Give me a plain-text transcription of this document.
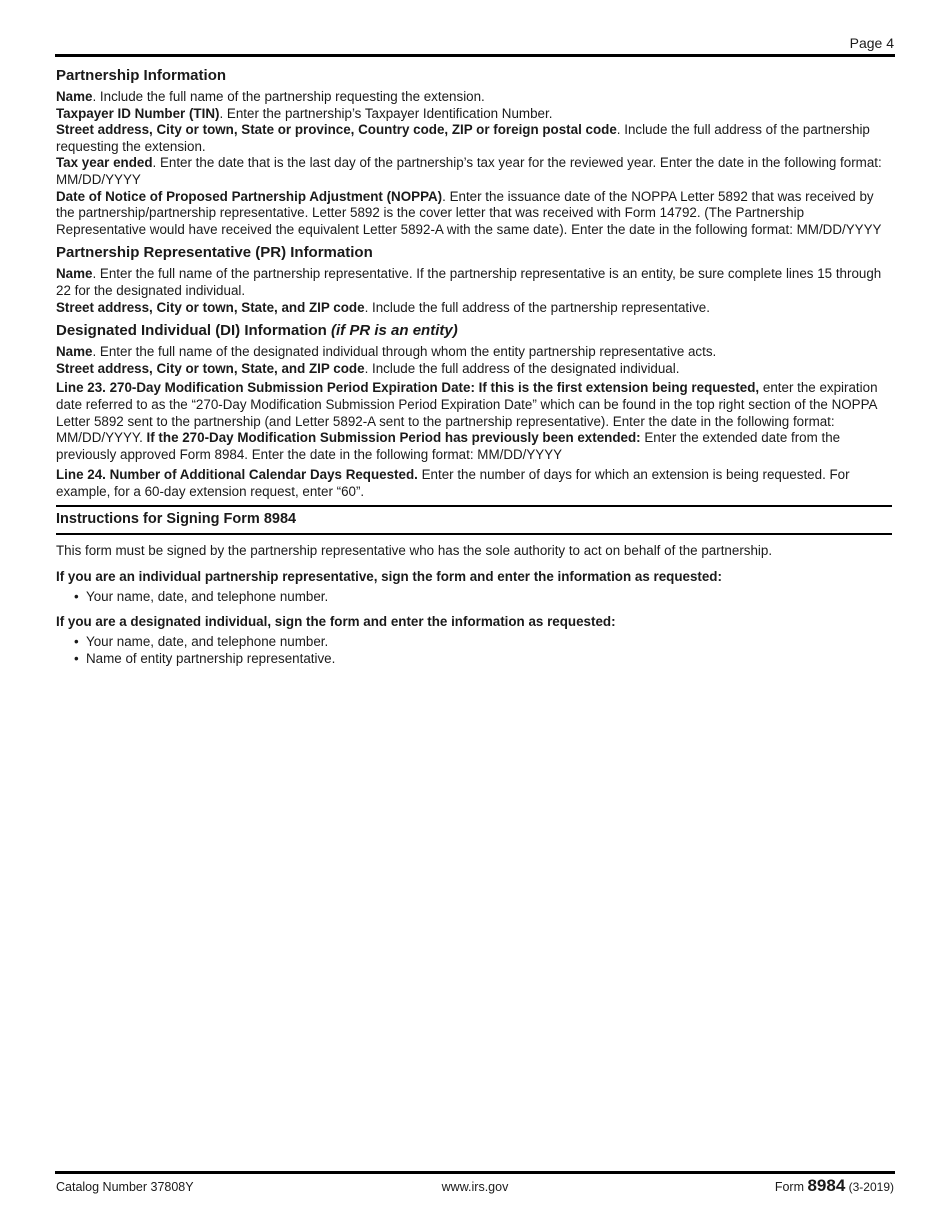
Page 4
Partnership Information

Name. Include the full name of the partnership requesting the extension.

Taxpayer ID Number (TIN). Enter the partnership’s Taxpayer Identification Number.

Street address, City or town, State or province, Country code, ZIP or foreign postal code. Include the full address of the partnership requesting the extension.

Tax year ended. Enter the date that is the last day of the partnership’s tax year for the reviewed year. Enter the date in the following format: MM/DD/YYYY

Date of Notice of Proposed Partnership Adjustment (NOPPA). Enter the issuance date of the NOPPA Letter 5892 that was received by the partnership/partnership representative. Letter 5892 is the cover letter that was received with Form 14792. (The Partnership Representative would have received the equivalent Letter 5892-A with the same date). Enter the date in the following format: MM/DD/YYYY

Partnership Representative (PR) Information

Name. Enter the full name of the partnership representative. If the partnership representative is an entity, be sure complete lines 15 through 22 for the designated individual.

Street address, City or town, State, and ZIP code. Include the full address of the partnership representative.

Designated Individual (DI) Information (if PR is an entity)

Name. Enter the full name of the designated individual through whom the entity partnership representative acts.

Street address, City or town, State, and ZIP code. Include the full address of the designated individual.

Line 23. 270-Day Modification Submission Period Expiration Date: If this is the first extension being requested, enter the expiration date referred to as the “270-Day Modification Submission Period Expiration Date” which can be found in the top right section of the NOPPA Letter 5892 sent to the partnership (and Letter 5892-A sent to the partnership representative). Enter the date in the following format: MM/DD/YYYY. If the 270-Day Modification Submission Period has previously been extended: Enter the extended date from the previously approved Form 8984. Enter the date in the following format: MM/DD/YYYY

Line 24. Number of Additional Calendar Days Requested. Enter the number of days for which an extension is being requested. For example, for a 60-day extension request, enter “60”.

Instructions for Signing Form 8984

This form must be signed by the partnership representative who has the sole authority to act on behalf of the partnership.

If you are an individual partnership representative, sign the form and enter the information as requested:

• Your name, date, and telephone number.

If you are a designated individual, sign the form and enter the information as requested:

• Your name, date, and telephone number.
• Name of entity partnership representative.
Catalog Number 37808Y	www.irs.gov	Form 8984 (3-2019)
